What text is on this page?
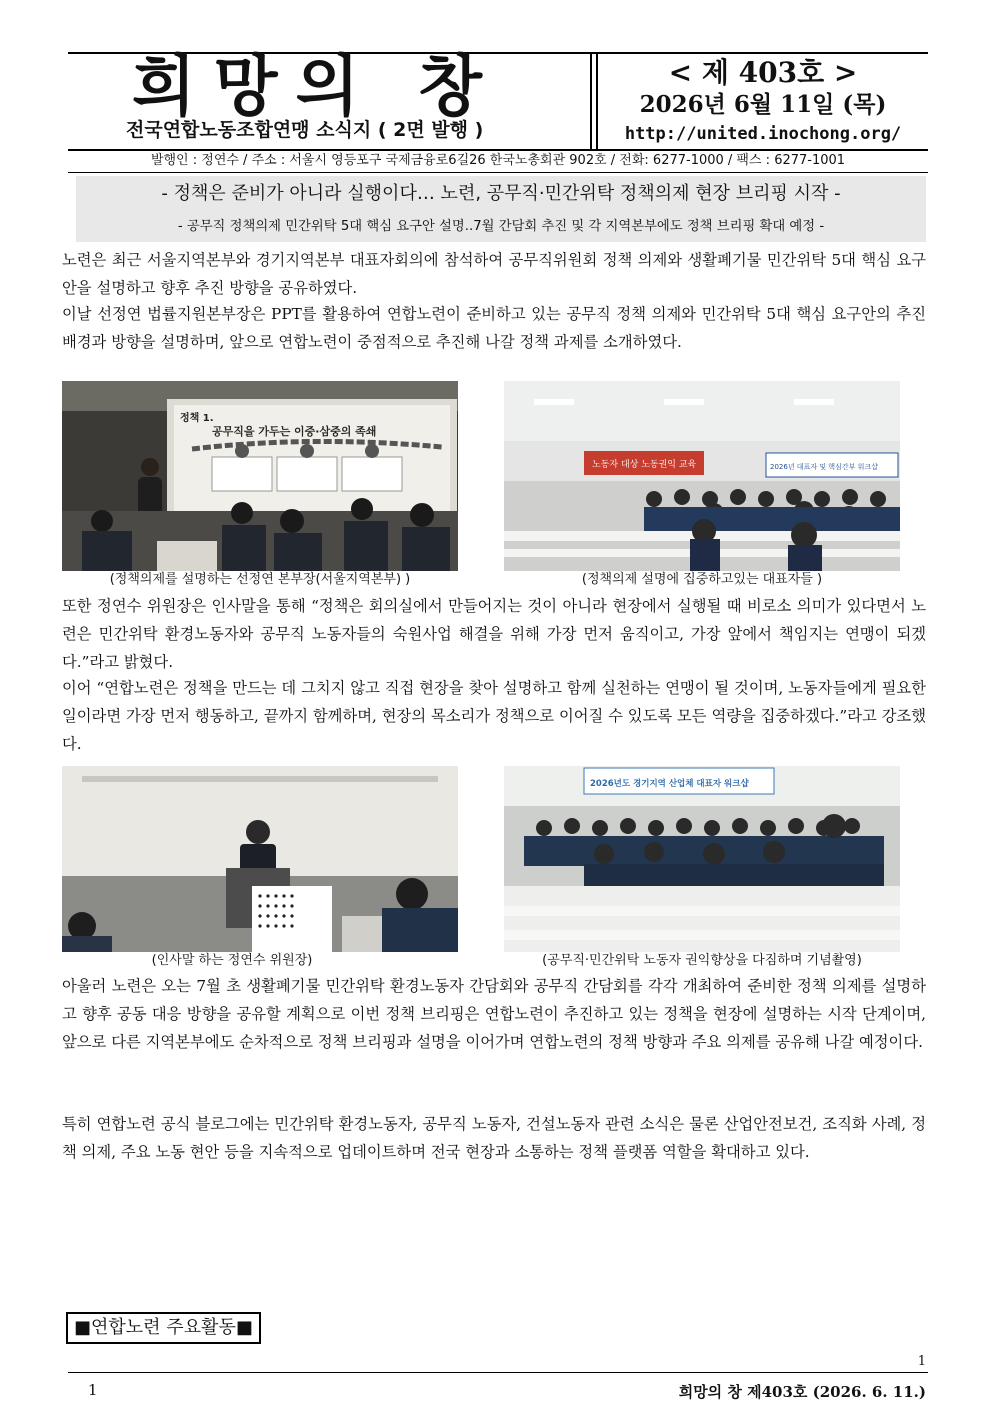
희망의 창
전국연합노동조합연맹 소식지 ( 2면 발행 )
< 제 403호 >
2026년 6월 11일 (목)
http://united.inochong.org/
발행인 : 정연수 / 주소 : 서울시 영등포구 국제금융로6길26 한국노총회관 902호 / 전화: 6277-1000 / 팩스 : 6277-1001
- 정책은 준비가 아니라 실행이다… 노련, 공무직·민간위탁 정책의제 현장 브리핑 시작 -
- 공무직 정책의제 민간위탁 5대 핵심 요구안 설명..7월 간담회 추진 및 각 지역본부에도 정책 브리핑 확대 예정 -
노련은 최근 서울지역본부와 경기지역본부 대표자회의에 참석하여 공무직위원회 정책 의제와 생활폐기물 민간위탁 5대 핵심 요구안을 설명하고 향후 추진 방향을 공유하였다.
이날 선정연 법률지원본부장은 PPT를 활용하여 연합노련이 준비하고 있는 공무직 정책 의제와 민간위탁 5대 핵심 요구안의 추진 배경과 방향을 설명하며, 앞으로 연합노련이 중점적으로 추진해 나갈 정책 과제를 소개하였다.
정책 1.
공무직을 가두는 이중·삼중의 족쇄
(정책의제를 설명하는 선정연 본부장(서울지역본부) )
노동자 대상 노동권익 교육	2026년 대표자 및 핵심간부 워크샵
(정책의제 설명에 집중하고있는 대표자들 )
또한 정연수 위원장은 인사말을 통해 “정책은 회의실에서 만들어지는 것이 아니라 현장에서 실행될 때 비로소 의미가 있다면서 노련은 민간위탁 환경노동자와 공무직 노동자들의 숙원사업 해결을 위해 가장 먼저 움직이고, 가장 앞에서 책임지는 연맹이 되겠다.”라고 밝혔다.
이어 “연합노련은 정책을 만드는 데 그치지 않고 직접 현장을 찾아 설명하고 함께 실천하는 연맹이 될 것이며, 노동자들에게 필요한 일이라면 가장 먼저 행동하고, 끝까지 함께하며, 현장의 목소리가 정책으로 이어질 수 있도록 모든 역량을 집중하겠다.”라고 강조했다.
(인사말 하는 정연수 위원장)
2026년도 경기지역 산업체 대표자 워크샵
(공무직·민간위탁 노동자 권익향상을 다짐하며 기념촬영)
아울러 노련은 오는 7월 초 생활폐기물 민간위탁 환경노동자 간담회와 공무직 간담회를 각각 개최하여 준비한 정책 의제를 설명하고 향후 공동 대응 방향을 공유할 계획으로 이번 정책 브리핑은 연합노련이 추진하고 있는 정책을 현장에 설명하는 시작 단계이며, 앞으로 다른 지역본부에도 순차적으로 정책 브리핑과 설명을 이어가며 연합노련의 정책 방향과 주요 의제를 공유해 나갈 예정이다.
특히 연합노련 공식 블로그에는 민간위탁 환경노동자, 공무직 노동자, 건설노동자 관련 소식은 물론 산업안전보건, 조직화 사례, 정책 의제, 주요 노동 현안 등을 지속적으로 업데이트하며 전국 현장과 소통하는 정책 플랫폼 역할을 확대하고 있다.
■연합노련 주요활동■
1
1	희망의 창 제403호 (2026. 6. 11.)
